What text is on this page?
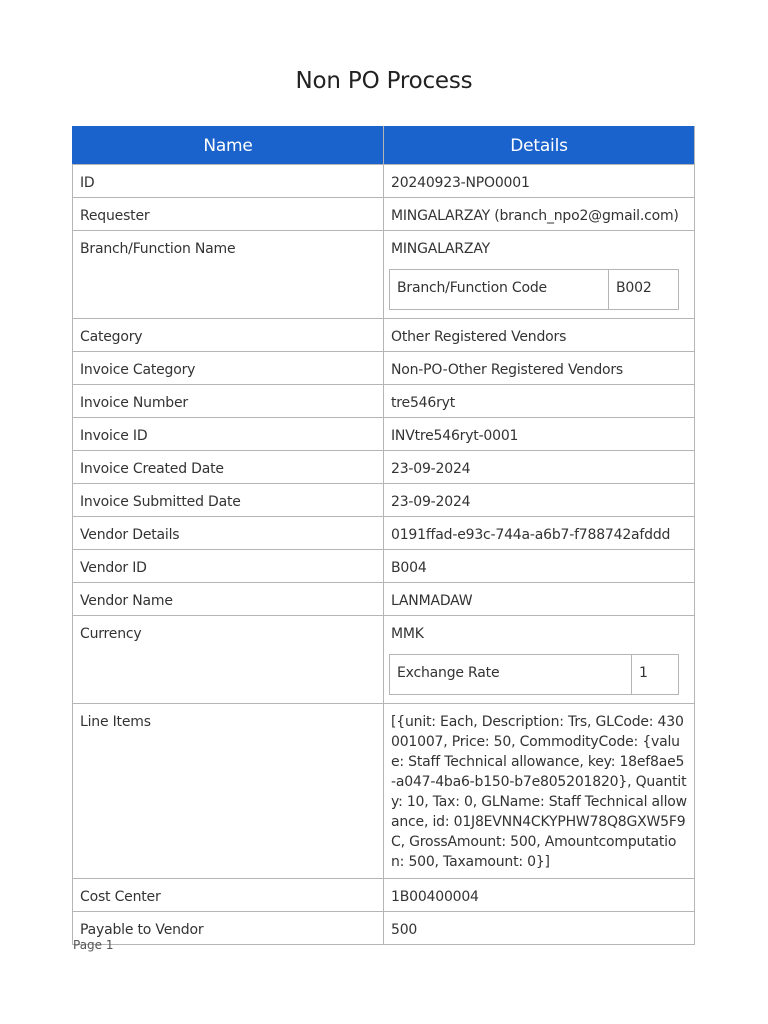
Non PO Process
Name	Details
ID	20240923-NPO0001
Requester	MINGALARZAY (branch_npo2@gmail.com)
Branch/Function Name	MINGALARZAY
Branch/Function Code	B002

Category	Other Registered Vendors
Invoice Category	Non-PO-Other Registered Vendors
Invoice Number	tre546ryt
Invoice ID	INVtre546ryt-0001
Invoice Created Date	23-09-2024
Invoice Submitted Date	23-09-2024
Vendor Details	0191ffad-e93c-744a-a6b7-f788742afddd
Vendor ID	B004
Vendor Name	LANMADAW
Currency	MMK
Exchange Rate	1

Line Items	[{unit: Each, Description: Trs, GLCode: 430001007, Price: 50, CommodityCode: {value: Staff Technical allowance, key: 18ef8ae5-a047-4ba6-b150-b7e805201820}, Quantity: 10, Tax: 0, GLName: Staff Technical allowance, id: 01J8EVNN4CKYPHW78Q8GXW5F9C, GrossAmount: 500, Amountcomputation: 500, Taxamount: 0}]
Cost Center	1B00400004
Payable to Vendor	500
Page 1
